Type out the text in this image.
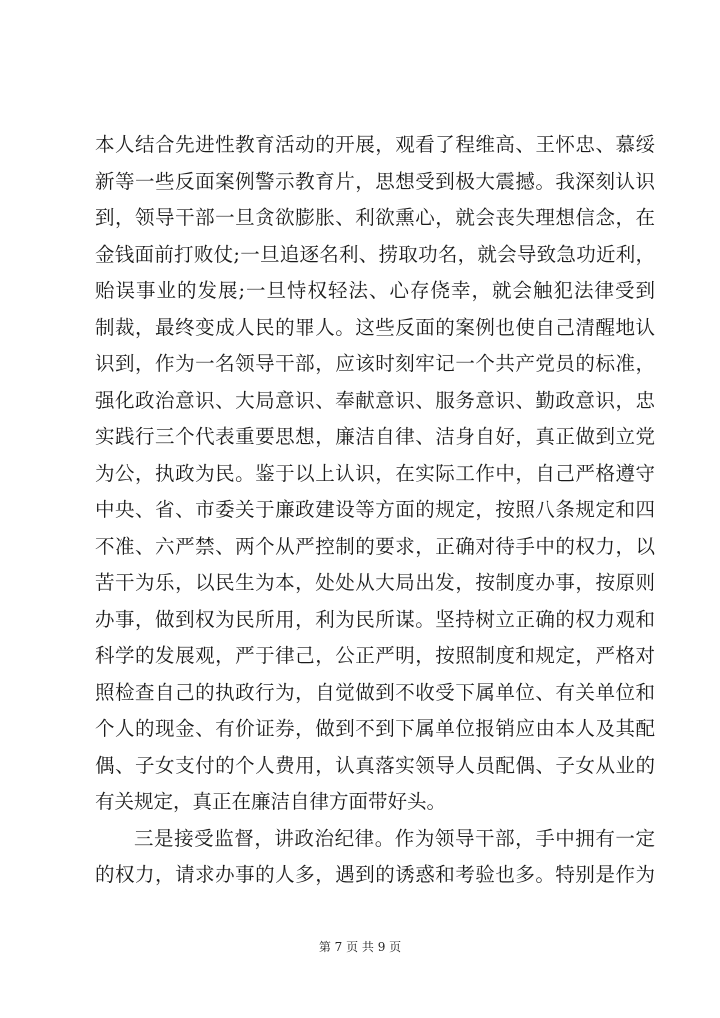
本人结合先进性教育活动的开展，观看了程维高、王怀忠、慕绥
新等一些反面案例警示教育片，思想受到极大震撼。我深刻认识
到，领导干部一旦贪欲膨胀、利欲熏心，就会丧失理想信念，在
金钱面前打败仗;一旦追逐名利、捞取功名，就会导致急功近利，
贻误事业的发展;一旦恃权轻法、心存侥幸，就会触犯法律受到
制裁，最终变成人民的罪人。这些反面的案例也使自己清醒地认
识到，作为一名领导干部，应该时刻牢记一个共产党员的标准，
强化政治意识、大局意识、奉献意识、服务意识、勤政意识，忠
实践行三个代表重要思想，廉洁自律、洁身自好，真正做到立党
为公，执政为民。鉴于以上认识，在实际工作中，自己严格遵守
中央、省、市委关于廉政建设等方面的规定，按照八条规定和四
不准、六严禁、两个从严控制的要求，正确对待手中的权力，以
苦干为乐，以民生为本，处处从大局出发，按制度办事，按原则
办事，做到权为民所用，利为民所谋。坚持树立正确的权力观和
科学的发展观，严于律己，公正严明，按照制度和规定，严格对
照检查自己的执政行为，自觉做到不收受下属单位、有关单位和
个人的现金、有价证券，做到不到下属单位报销应由本人及其配
偶、子女支付的个人费用，认真落实领导人员配偶、子女从业的
有关规定，真正在廉洁自律方面带好头。
三是接受监督，讲政治纪律。作为领导干部，手中拥有一定
的权力，请求办事的人多，遇到的诱惑和考验也多。特别是作为
第 7 页 共 9 页
